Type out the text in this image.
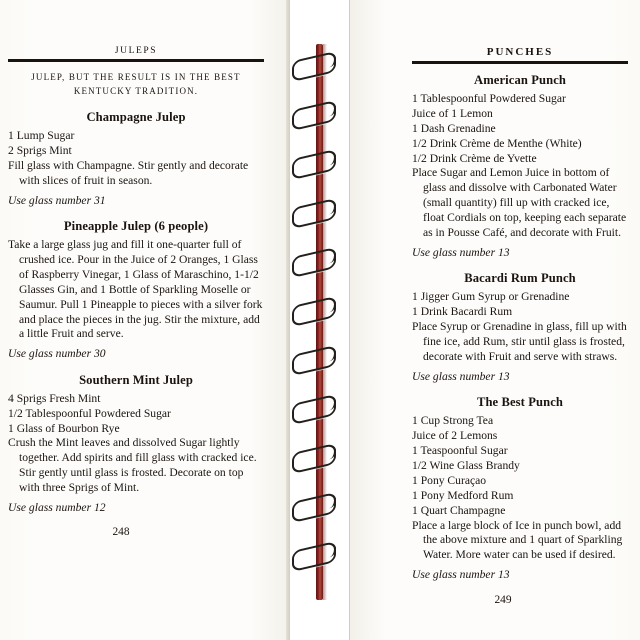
JULEPS
JULEP, BUT THE RESULT IS IN THE BEST KENTUCKY TRADITION.
Champagne Julep
1 Lump Sugar
2 Sprigs Mint
Fill glass with Champagne. Stir gently and decorate with slices of fruit in season.
Use glass number 31
Pineapple Julep (6 people)
Take a large glass jug and fill it one-quarter full of crushed ice. Pour in the Juice of 2 Oranges, 1 Glass of Raspberry Vinegar, 1 Glass of Maraschino, 1-1/2 Glasses Gin, and 1 Bottle of Sparkling Moselle or Saumur. Pull 1 Pineapple to pieces with a silver fork and place the pieces in the jug. Stir the mixture, add a little Fruit and serve.
Use glass number 30
Southern Mint Julep
4 Sprigs Fresh Mint
1/2 Tablespoonful Powdered Sugar
1 Glass of Bourbon Rye
Crush the Mint leaves and dissolved Sugar lightly together. Add spirits and fill glass with cracked ice. Stir gently until glass is frosted. Decorate on top with three Sprigs of Mint.
Use glass number 12
248
PUNCHES
American Punch
1 Tablespoonful Powdered Sugar
Juice of 1 Lemon
1 Dash Grenadine
1/2 Drink Crème de Menthe (White)
1/2 Drink Crème de Yvette
Place Sugar and Lemon Juice in bottom of glass and dissolve with Carbonated Water (small quantity) fill up with cracked ice, float Cordials on top, keeping each separate as in Pousse Café, and decorate with Fruit.
Use glass number 13
Bacardi Rum Punch
1 Jigger Gum Syrup or Grenadine
1 Drink Bacardi Rum
Place Syrup or Grenadine in glass, fill up with fine ice, add Rum, stir until glass is frosted, decorate with Fruit and serve with straws.
Use glass number 13
The Best Punch
1 Cup Strong Tea
Juice of 2 Lemons
1 Teaspoonful Sugar
1/2 Wine Glass Brandy
1 Pony Curaçao
1 Pony Medford Rum
1 Quart Champagne
Place a large block of Ice in punch bowl, add the above mixture and 1 quart of Sparkling Water. More water can be used if desired.
Use glass number 13
249
